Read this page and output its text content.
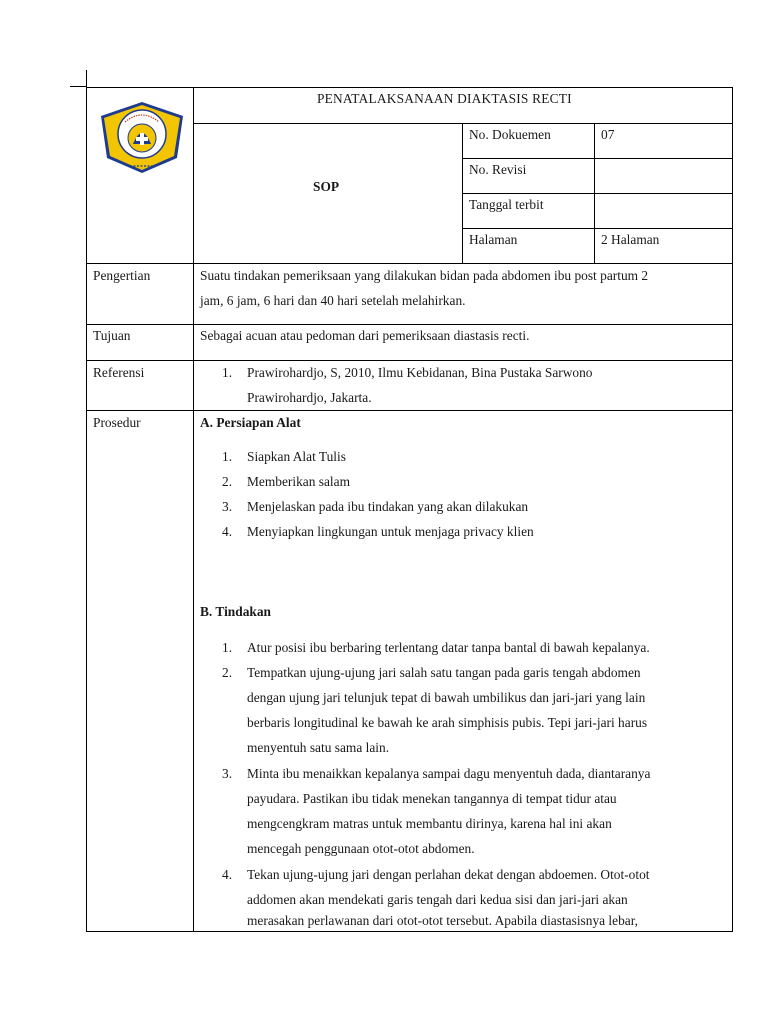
PENATALAKSANAAN DIAKTASIS RECTI
SOP
No. Dokuemen	07
No. Revisi
Tanggal terbit
Halaman	2 Halaman
Pengertian	Suatu tindakan pemeriksaan yang dilakukan bidan pada abdomen ibu post partum 2
jam, 6 jam, 6 hari dan 40 hari setelah melahirkan.
Tujuan	Sebagai acuan atau pedoman dari pemeriksaan diastasis recti.
Referensi	1. Prawirohardjo, S, 2010, Ilmu Kebidanan, Bina Pustaka Sarwono
Prawirohardjo, Jakarta.
Prosedur	A. Persiapan Alat
1. Siapkan Alat Tulis
2. Memberikan salam
3. Menjelaskan pada ibu tindakan yang akan dilakukan
4. Menyiapkan lingkungan untuk menjaga privacy klien
B. Tindakan
1. Atur posisi ibu berbaring terlentang datar tanpa bantal di bawah kepalanya.
2. Tempatkan ujung-ujung jari salah satu tangan pada garis tengah abdomen
dengan ujung jari telunjuk tepat di bawah umbilikus dan jari-jari yang lain
berbaris longitudinal ke bawah ke arah simphisis pubis. Tepi jari-jari harus
menyentuh satu sama lain.
3. Minta ibu menaikkan kepalanya sampai dagu menyentuh dada, diantaranya
payudara. Pastikan ibu tidak menekan tangannya di tempat tidur atau
mengcengkram matras untuk membantu dirinya, karena hal ini akan
mencegah penggunaan otot-otot abdomen.
4. Tekan ujung-ujung jari dengan perlahan dekat dengan abdoemen. Otot-otot
addomen akan mendekati garis tengah dari kedua sisi dan jari-jari akan
merasakan perlawanan dari otot-otot tersebut. Apabila diastasisnya lebar,
